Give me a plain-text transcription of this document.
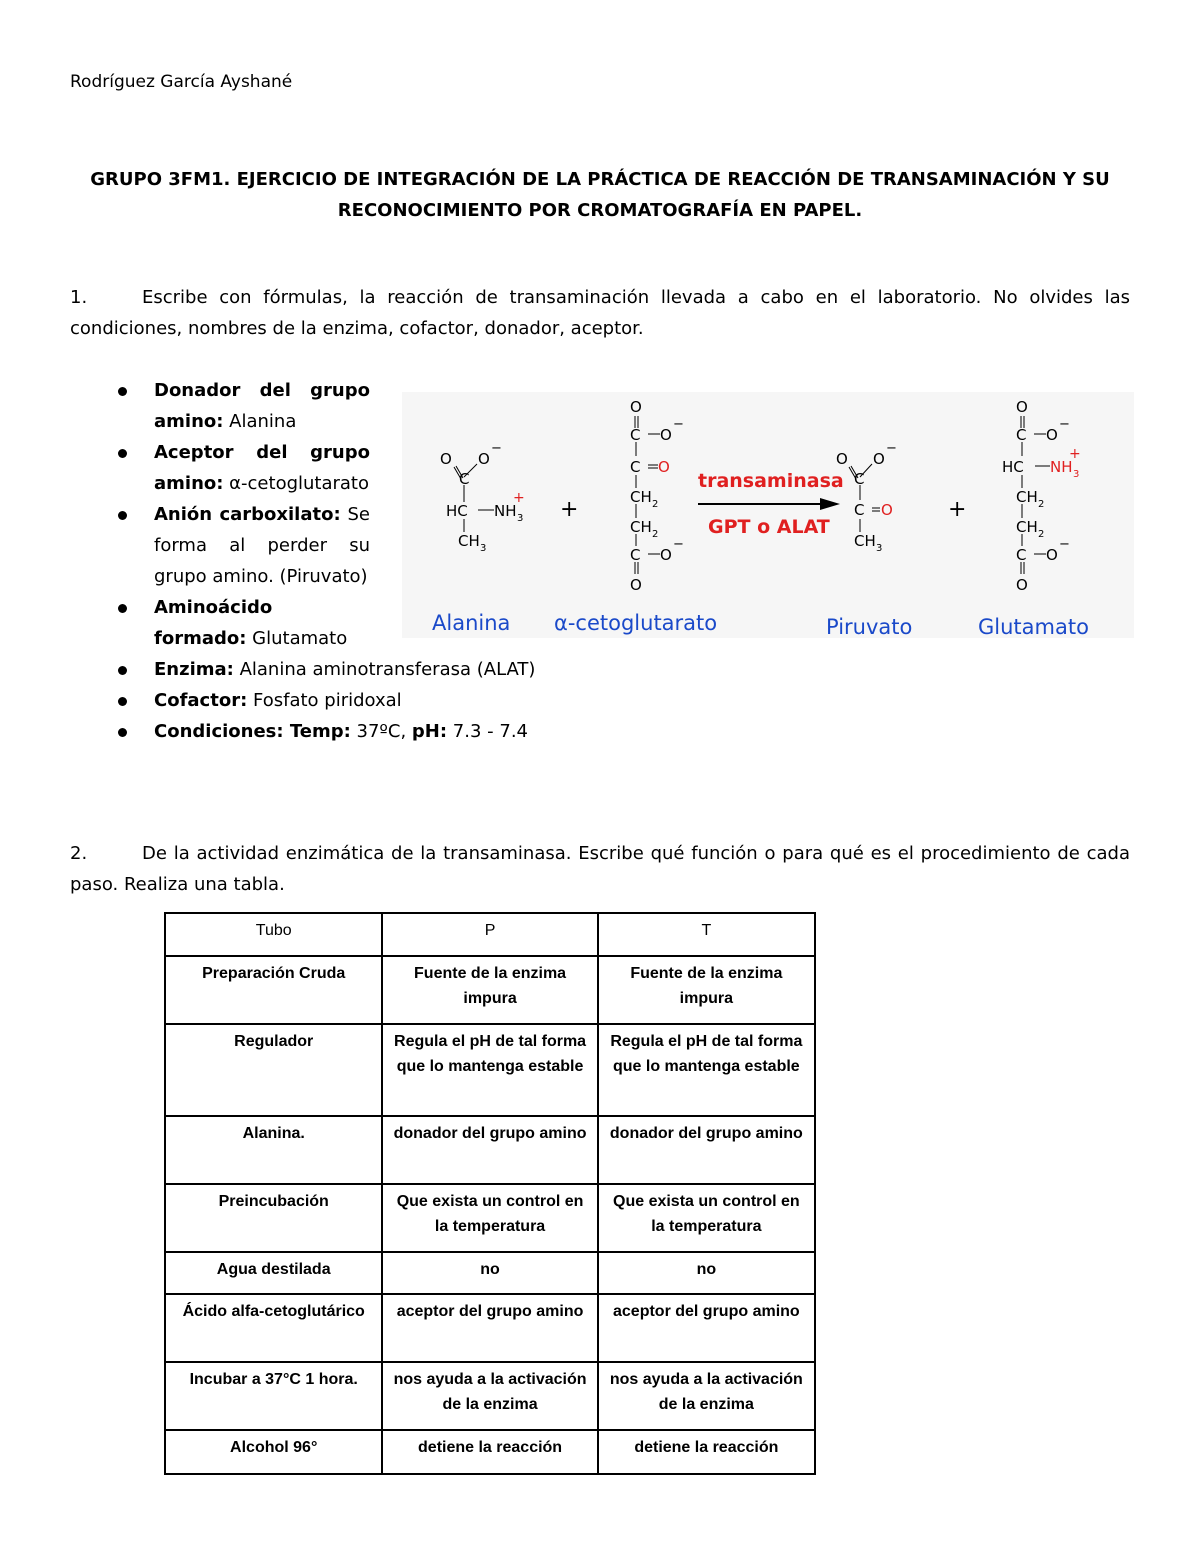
Rodríguez García Ayshané
GRUPO 3FM1. EJERCICIO DE INTEGRACIÓN DE LA PRÁCTICA DE REACCIÓN DE TRANSAMINACIÓN Y SU RECONOCIMIENTO POR CROMATOGRAFÍA EN PAPEL.
1.	Escribe con fórmulas, la reacción de transaminación llevada a cabo en el laboratorio. No olvides las condiciones, nombres de la enzima, cofactor, donador, aceptor.
Donador del grupo amino: Alanina
Aceptor del grupo amino: α-cetoglutarato
Anión carboxilato: Se forma al perder su grupo amino. (Piruvato)
Aminoácido formado: Glutamato
Enzima: Alanina aminotransferasa (ALAT)
Cofactor: Fosfato piridoxal
Condiciones: Temp: 37ºC, pH: 7.3 - 7.4
O
C
O
−
HC NH 3
+
CH 3
O
C O
−
C O
CH 2
CH 2
C O
−
O
O
C
O
−
C O
CH 3
O
C O
−
HC NH 3
+
CH 2
CH 2
C O
−
O
+	+
transaminasa
GPT o ALAT
Alanina α-cetoglutarato	Piruvato	Glutamato
2.	De la actividad enzimática de la transaminasa. Escribe qué función o para qué es el procedimiento de cada paso. Realiza una tabla.
Tubo	P	T
Preparación Cruda	Fuente de la enzima impura	Fuente de la enzima impura
Regulador	Regula el pH de tal forma que lo mantenga estable	Regula el pH de tal forma que lo mantenga estable
Alanina.	donador del grupo amino	donador del grupo amino
Preincubación	Que exista un control en la temperatura	Que exista un control en la temperatura
Agua destilada	no	no
Ácido alfa-cetoglutárico	aceptor del grupo amino	aceptor del grupo amino
Incubar a 37°C 1 hora.	nos ayuda a la activación de la enzima	nos ayuda a la activación de la enzima
Alcohol 96°	detiene la reacción	detiene la reacción
